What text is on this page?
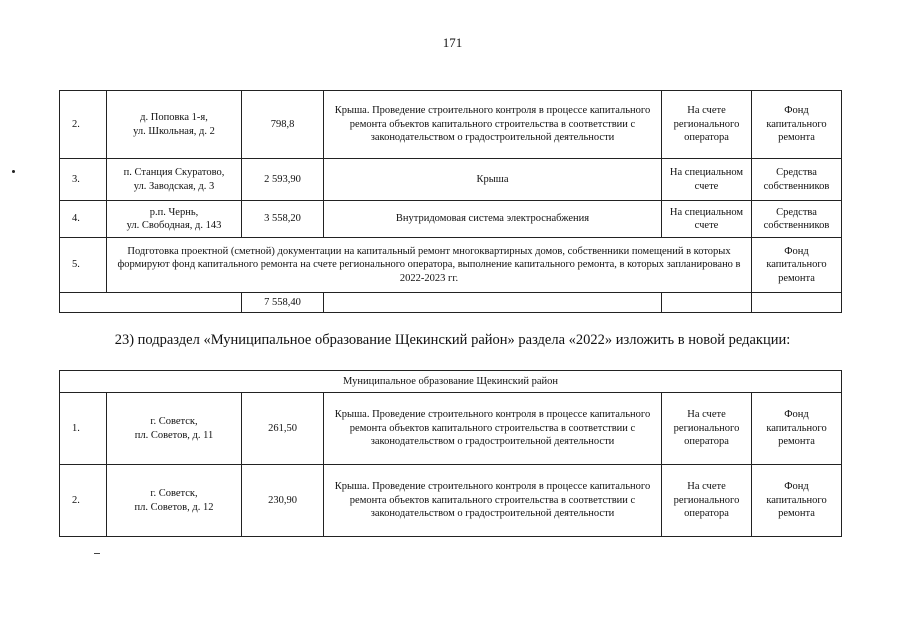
171
2.	д. Поповка 1-я,
ул. Школьная, д. 2	798,8	Крыша. Проведение строительного контроля в процессе капитального ремонта объектов капитального строительства в соответствии с законодательством о градостроительной деятельности	На счете регионального оператора	Фонд капитального ремонта
3.	п. Станция Скуратово,
ул. Заводская, д. 3	2 593,90	Крыша	На специальном счете	Средства собственников
4.	р.п. Чернь,
ул. Свободная, д. 143	3 558,20	Внутридомовая система электроснабжения	На специальном счете	Средства собственников
5.	Подготовка проектной (сметной) документации на капитальный ремонт многоквартирных домов, собственники помещений в которых формируют фонд капитального ремонта на счете регионального оператора, выполнение капитального ремонта, в которых запланировано в 2022-2023 гг.				Фонд капитального ремонта
		7 558,40			
23) подраздел «Муниципальное образование Щекинский район» раздела «2022» изложить в новой редакции:
Муниципальное образование Щекинский район					
1.	г. Советск,
пл. Советов, д. 11	261,50	Крыша. Проведение строительного контроля в процессе капитального ремонта объектов капитального строительства в соответствии с законодательством о градостроительной деятельности	На счете регионального оператора	Фонд капитального ремонта
2.	г. Советск,
пл. Советов, д. 12	230,90	Крыша. Проведение строительного контроля в процессе капитального ремонта объектов капитального строительства в соответствии с законодательством о градостроительной деятельности	На счете регионального оператора	Фонд капитального ремонта
